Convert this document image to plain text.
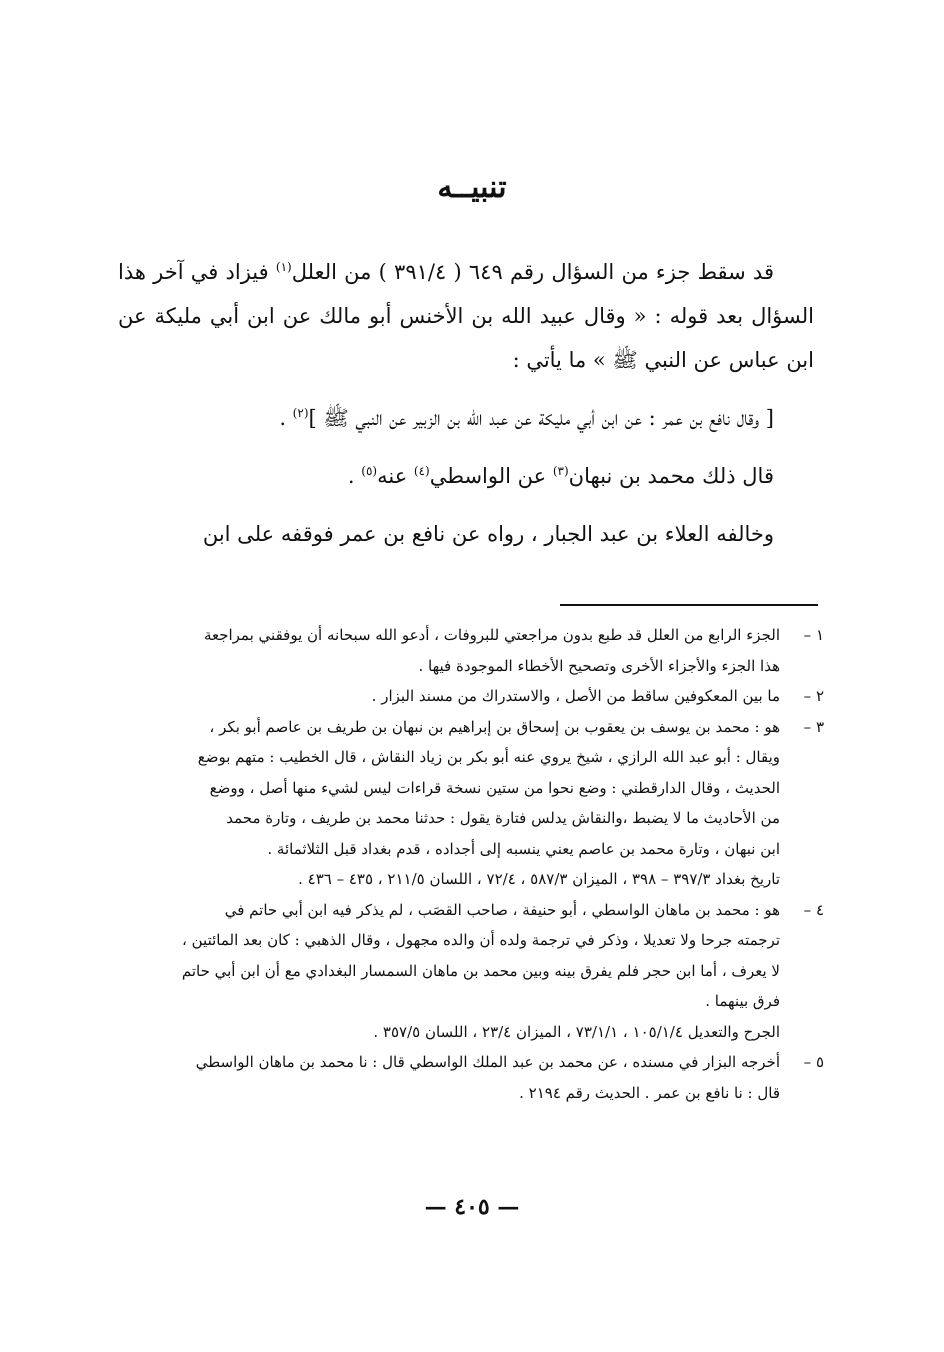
تنبيــه

قد سقط جزء من السؤال رقم ٦٤٩ ( ٣٩١/٤ ) من العلل$^{(١)}$ فيزاد في آخر هذا السؤال بعد قوله : « وقال عبيد الله بن الأخنس أبو مالك عن ابن أبي مليكة عن ابن عباس عن النبي ﷺ » ما يأتي :

[ وقال نافع بن عمر : عن ابن أبي مليكة عن عبد الله بن الزبير عن النبي ﷺ ]$^{(٢)}$ .

قال ذلك محمد بن نبهان$^{(٣)}$ عن الواسطي$^{(٤)}$ عنه$^{(٥)}$ .

وخالفه العلاء بن عبد الجبار ، رواه عن نافع بن عمر فوقفه على ابن

١ –
الجزء الرابع من العلل قد طبع بدون مراجعتي للبروفات ، أدعو الله سبحانه أن يوفقني بمراجعة
هذا الجزء والأجزاء الأخرى وتصحيح الأخطاء الموجودة فيها .
٢ –
ما بين المعكوفين ساقط من الأصل ، والاستدراك من مسند البزار .
٣ –
هو : محمد بن يوسف بن يعقوب بن إسحاق بن إبراهيم بن نبهان بن طريف بن عاصم أبو بكر ،
ويقال : أبو عبد الله الرازي ، شيخ يروي عنه أبو بكر بن زياد النقاش ، قال الخطيب : متهم بوضع
الحديث ، وقال الدارقطني : وضع نحوا من ستين نسخة قراءات ليس لشيء منها أصل ، ووضع
من الأحاديث ما لا يضبط ،والنقاش يدلس فتارة يقول : حدثنا محمد بن طريف ، وتارة محمد
ابن نبهان ، وتارة محمد بن عاصم يعني ينسبه إلى أجداده ، قدم بغداد قبل الثلاثمائة .
تاريخ بغداد ٣٩٧/٣ – ٣٩٨ ، الميزان ٥٨٧/٣ ، ٧٢/٤ ، اللسان ٢١١/٥ ، ٤٣٥ – ٤٣٦ .
٤ –
هو : محمد بن ماهان الواسطي ، أبو حنيفة ، صاحب القصَب ، لم يذكر فيه ابن أبي حاتم في
ترجمته جرحا ولا تعديلا ، وذكر في ترجمة ولده أن والده مجهول ، وقال الذهبي : كان بعد المائتين ،
لا يعرف ، أما ابن حجر فلم يفرق بينه وبين محمد بن ماهان السمسار البغدادي مع أن ابن أبي حاتم
فرق بينهما .
الجرح والتعديل ١٠٥/١/٤ ، ٧٣/١/١ ، الميزان ٢٣/٤ ، اللسان ٣٥٧/٥ .
٥ –
أخرجه البزار في مسنده ، عن محمد بن عبد الملك الواسطي قال : نا محمد بن ماهان الواسطي
قال : نا نافع بن عمر . الحديث رقم ٢١٩٤ .
— ٤٠٥ —
